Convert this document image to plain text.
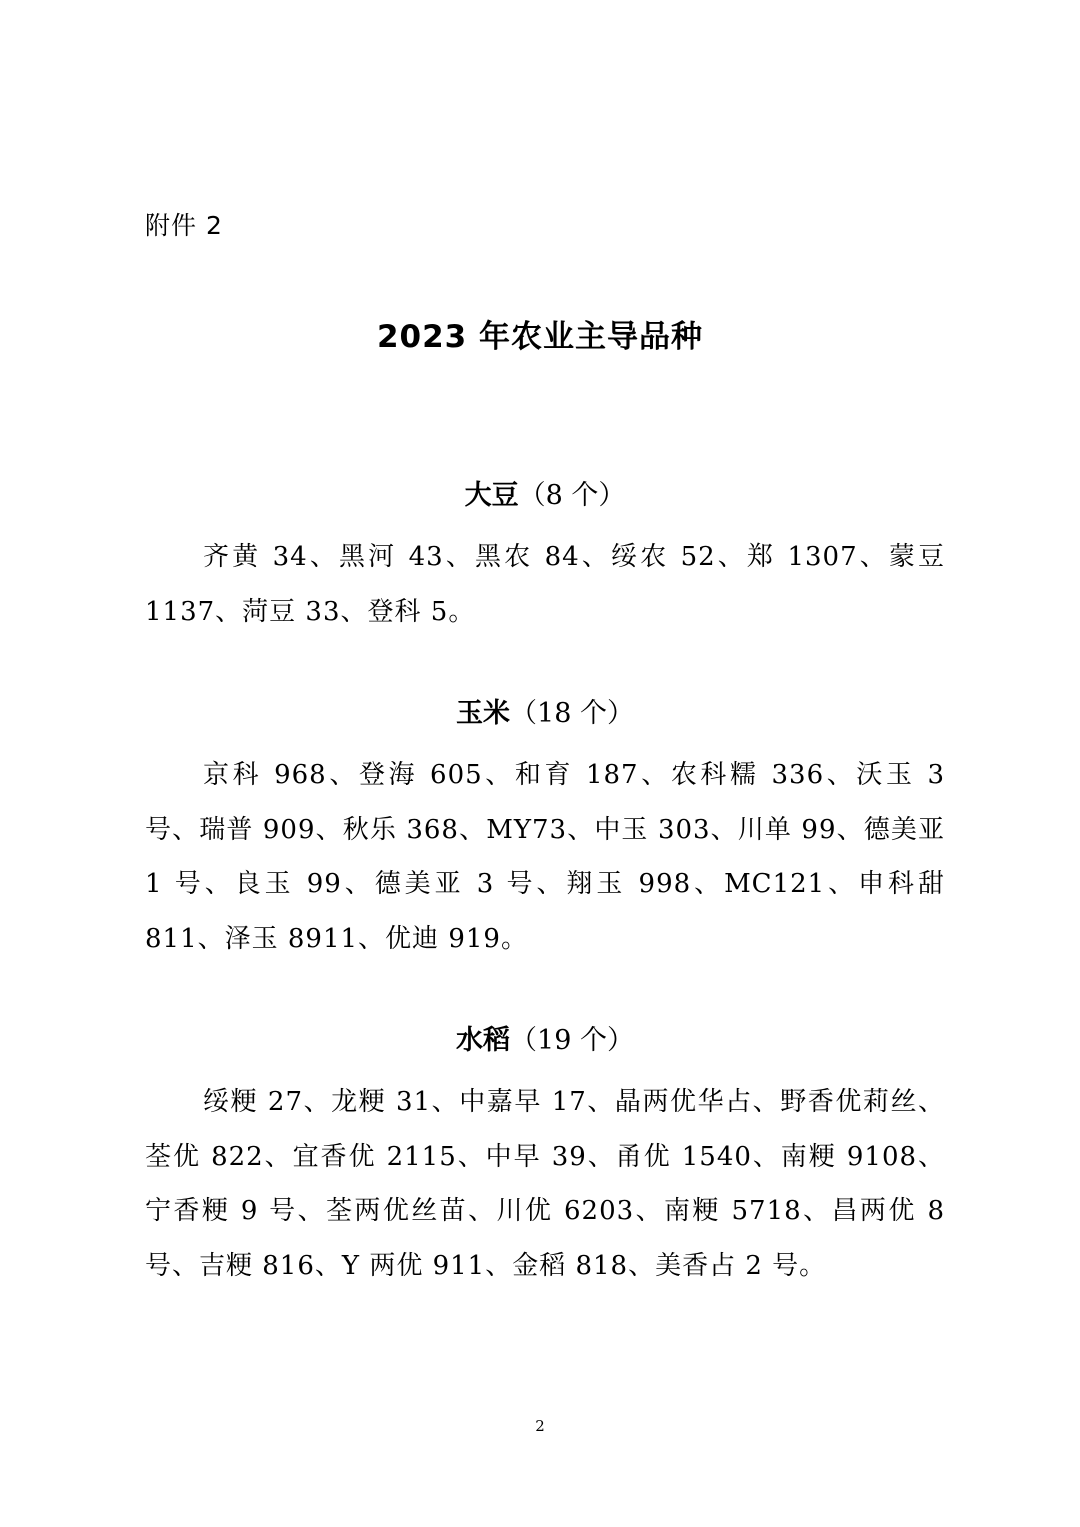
附件 2
2023 年农业主导品种
大豆（8 个）

齐黄 34、黑河 43、黑农 84、绥农 52、郑 1307、蒙豆 1137、菏豆 33、登科 5。

玉米（18 个）

京科 968、登海 605、和育 187、农科糯 336、沃玉 3 号、瑞普 909、秋乐 368、MY73、中玉 303、川单 99、德美亚 1 号、良玉 99、德美亚 3 号、翔玉 998、MC121、申科甜 811、泽玉 8911、优迪 919。

水稻（19 个）

绥粳 27、龙粳 31、中嘉早 17、晶两优华占、野香优莉丝、荃优 822、宜香优 2115、中早 39、甬优 1540、南粳 9108、宁香粳 9 号、荃两优丝苗、川优 6203、南粳 5718、昌两优 8 号、吉粳 816、Y 两优 911、金稻 818、美香占 2 号。

2
